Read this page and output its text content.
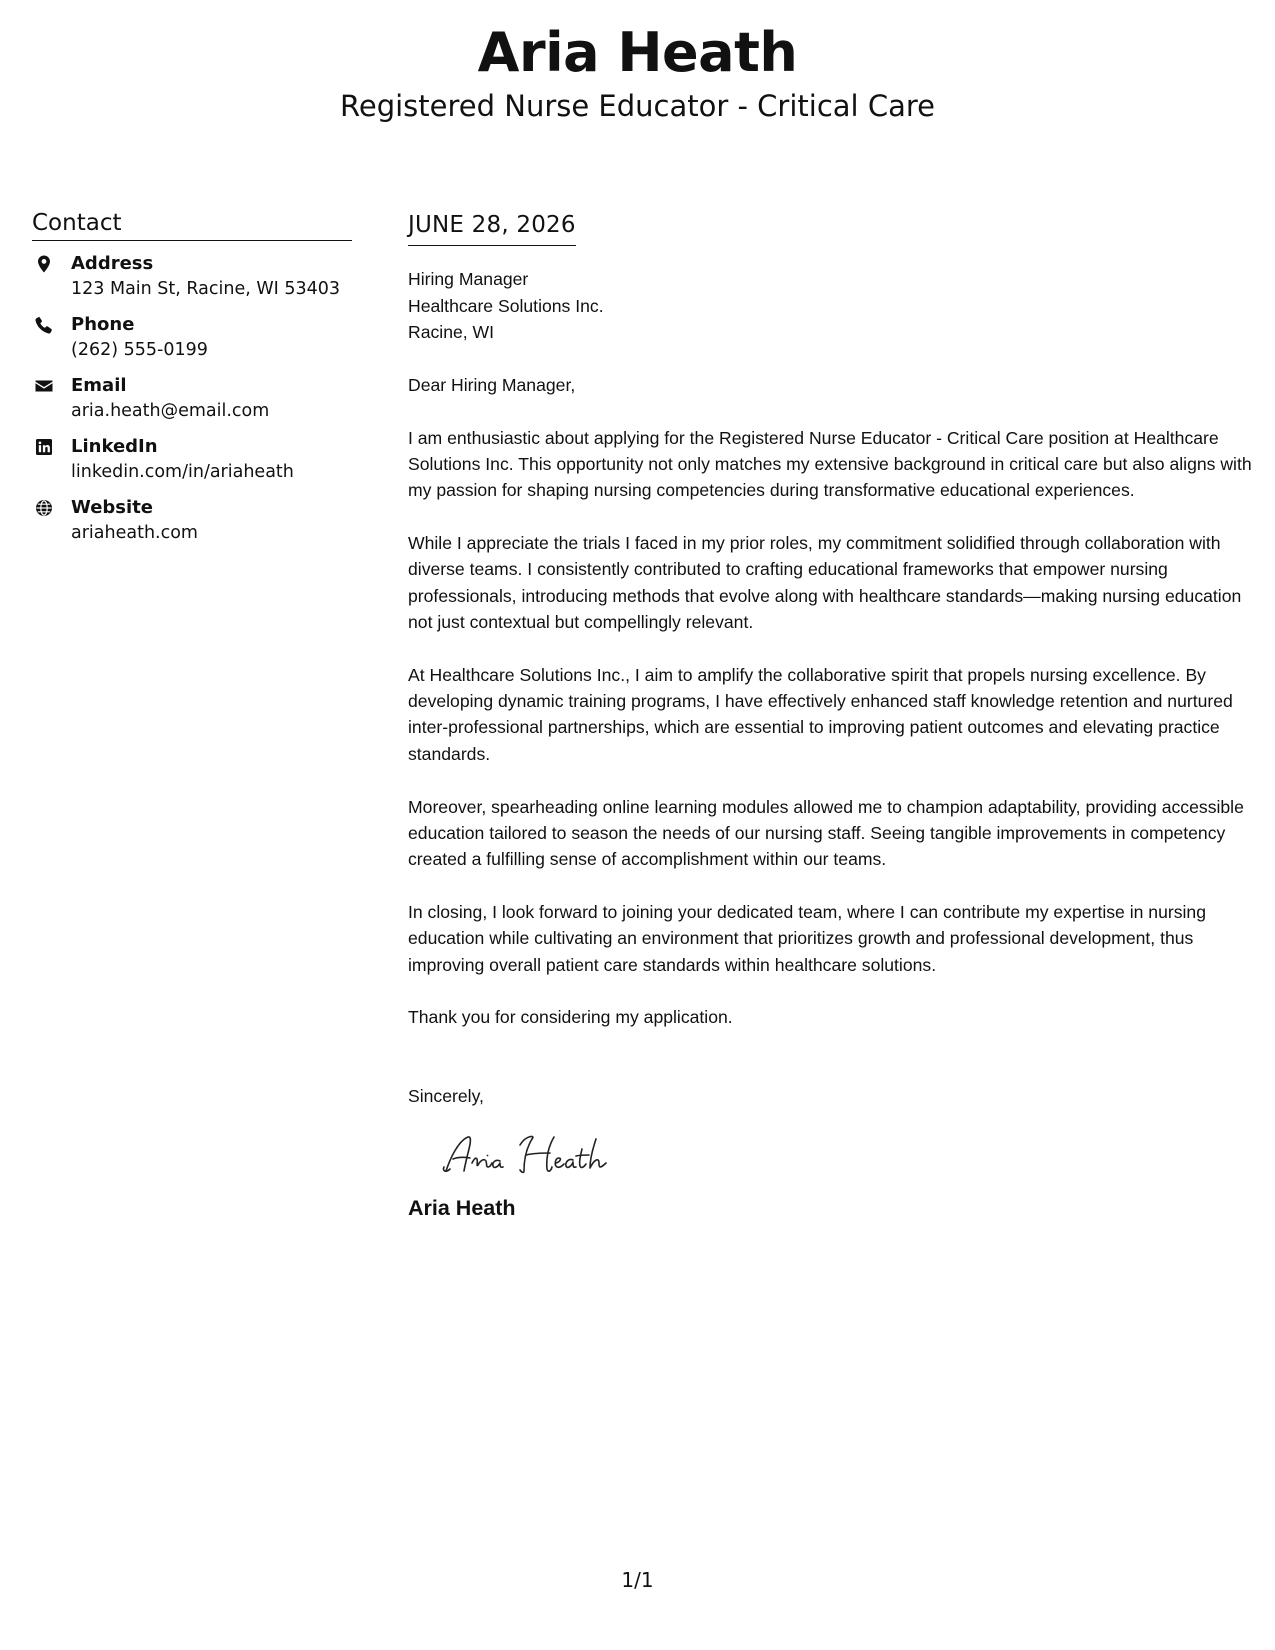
Aria Heath
Registered Nurse Educator - Critical Care
Contact
Address
123 Main St, Racine, WI 53403
Phone
(262) 555-0199
Email
aria.heath@email.com
LinkedIn
linkedin.com/in/ariaheath
Website
ariaheath.com
JUNE 28, 2026
Hiring Manager
Healthcare Solutions Inc.
Racine, WI

Dear Hiring Manager,

I am enthusiastic about applying for the Registered Nurse Educator - Critical Care position at Healthcare Solutions Inc. This opportunity not only matches my extensive background in critical care but also aligns with my passion for shaping nursing competencies during transformative educational experiences.

While I appreciate the trials I faced in my prior roles, my commitment solidified through collaboration with diverse teams. I consistently contributed to crafting educational frameworks that empower nursing professionals, introducing methods that evolve along with healthcare standards—making nursing education not just contextual but compellingly relevant.

At Healthcare Solutions Inc., I aim to amplify the collaborative spirit that propels nursing excellence. By developing dynamic training programs, I have effectively enhanced staff knowledge retention and nurtured inter-professional partnerships, which are essential to improving patient outcomes and elevating practice standards.

Moreover, spearheading online learning modules allowed me to champion adaptability, providing accessible education tailored to season the needs of our nursing staff. Seeing tangible improvements in competency created a fulfilling sense of accomplishment within our teams.

In closing, I look forward to joining your dedicated team, where I can contribute my expertise in nursing education while cultivating an environment that prioritizes growth and professional development, thus improving overall patient care standards within healthcare solutions.

Thank you for considering my application.

Sincerely,
Aria Heath
1/1
